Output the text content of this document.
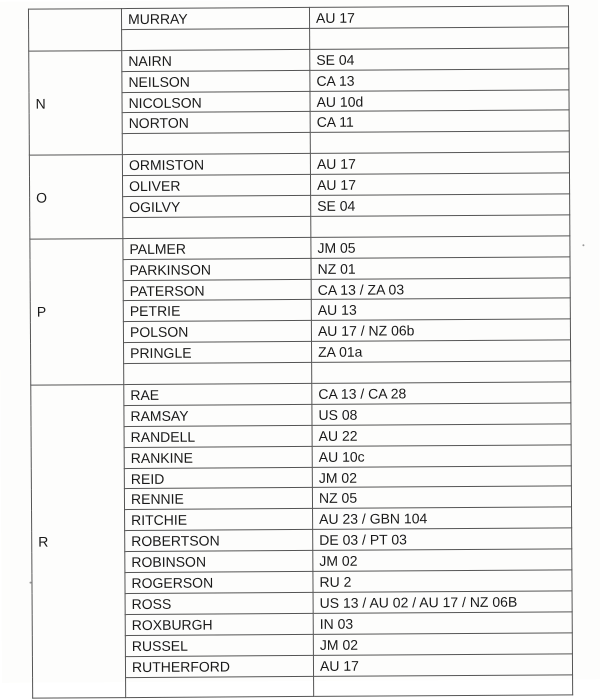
	MURRAY	AU 17

N	NAIRN	SE 04
	NEILSON	CA 13
	NICOLSON	AU 10d
	NORTON	CA 11

O	ORMISTON	AU 17
	OLIVER	AU 17
	OGILVY	SE 04

P	PALMER	JM 05
	PARKINSON	NZ 01
	PATERSON	CA 13 / ZA 03
	PETRIE	AU 13
	POLSON	AU 17 / NZ 06b
	PRINGLE	ZA 01a

R	RAE	CA 13 / CA 28
	RAMSAY	US 08
	RANDELL	AU 22
	RANKINE	AU 10c
	REID	JM 02
	RENNIE	NZ 05
	RITCHIE	AU 23 / GBN 104
	ROBERTSON	DE 03 / PT 03
	ROBINSON	JM 02
	ROGERSON	RU 2
	ROSS	US 13 / AU 02 / AU 17 / NZ 06B
	ROXBURGH	IN 03
	RUSSEL	JM 02
	RUTHERFORD	AU 17
